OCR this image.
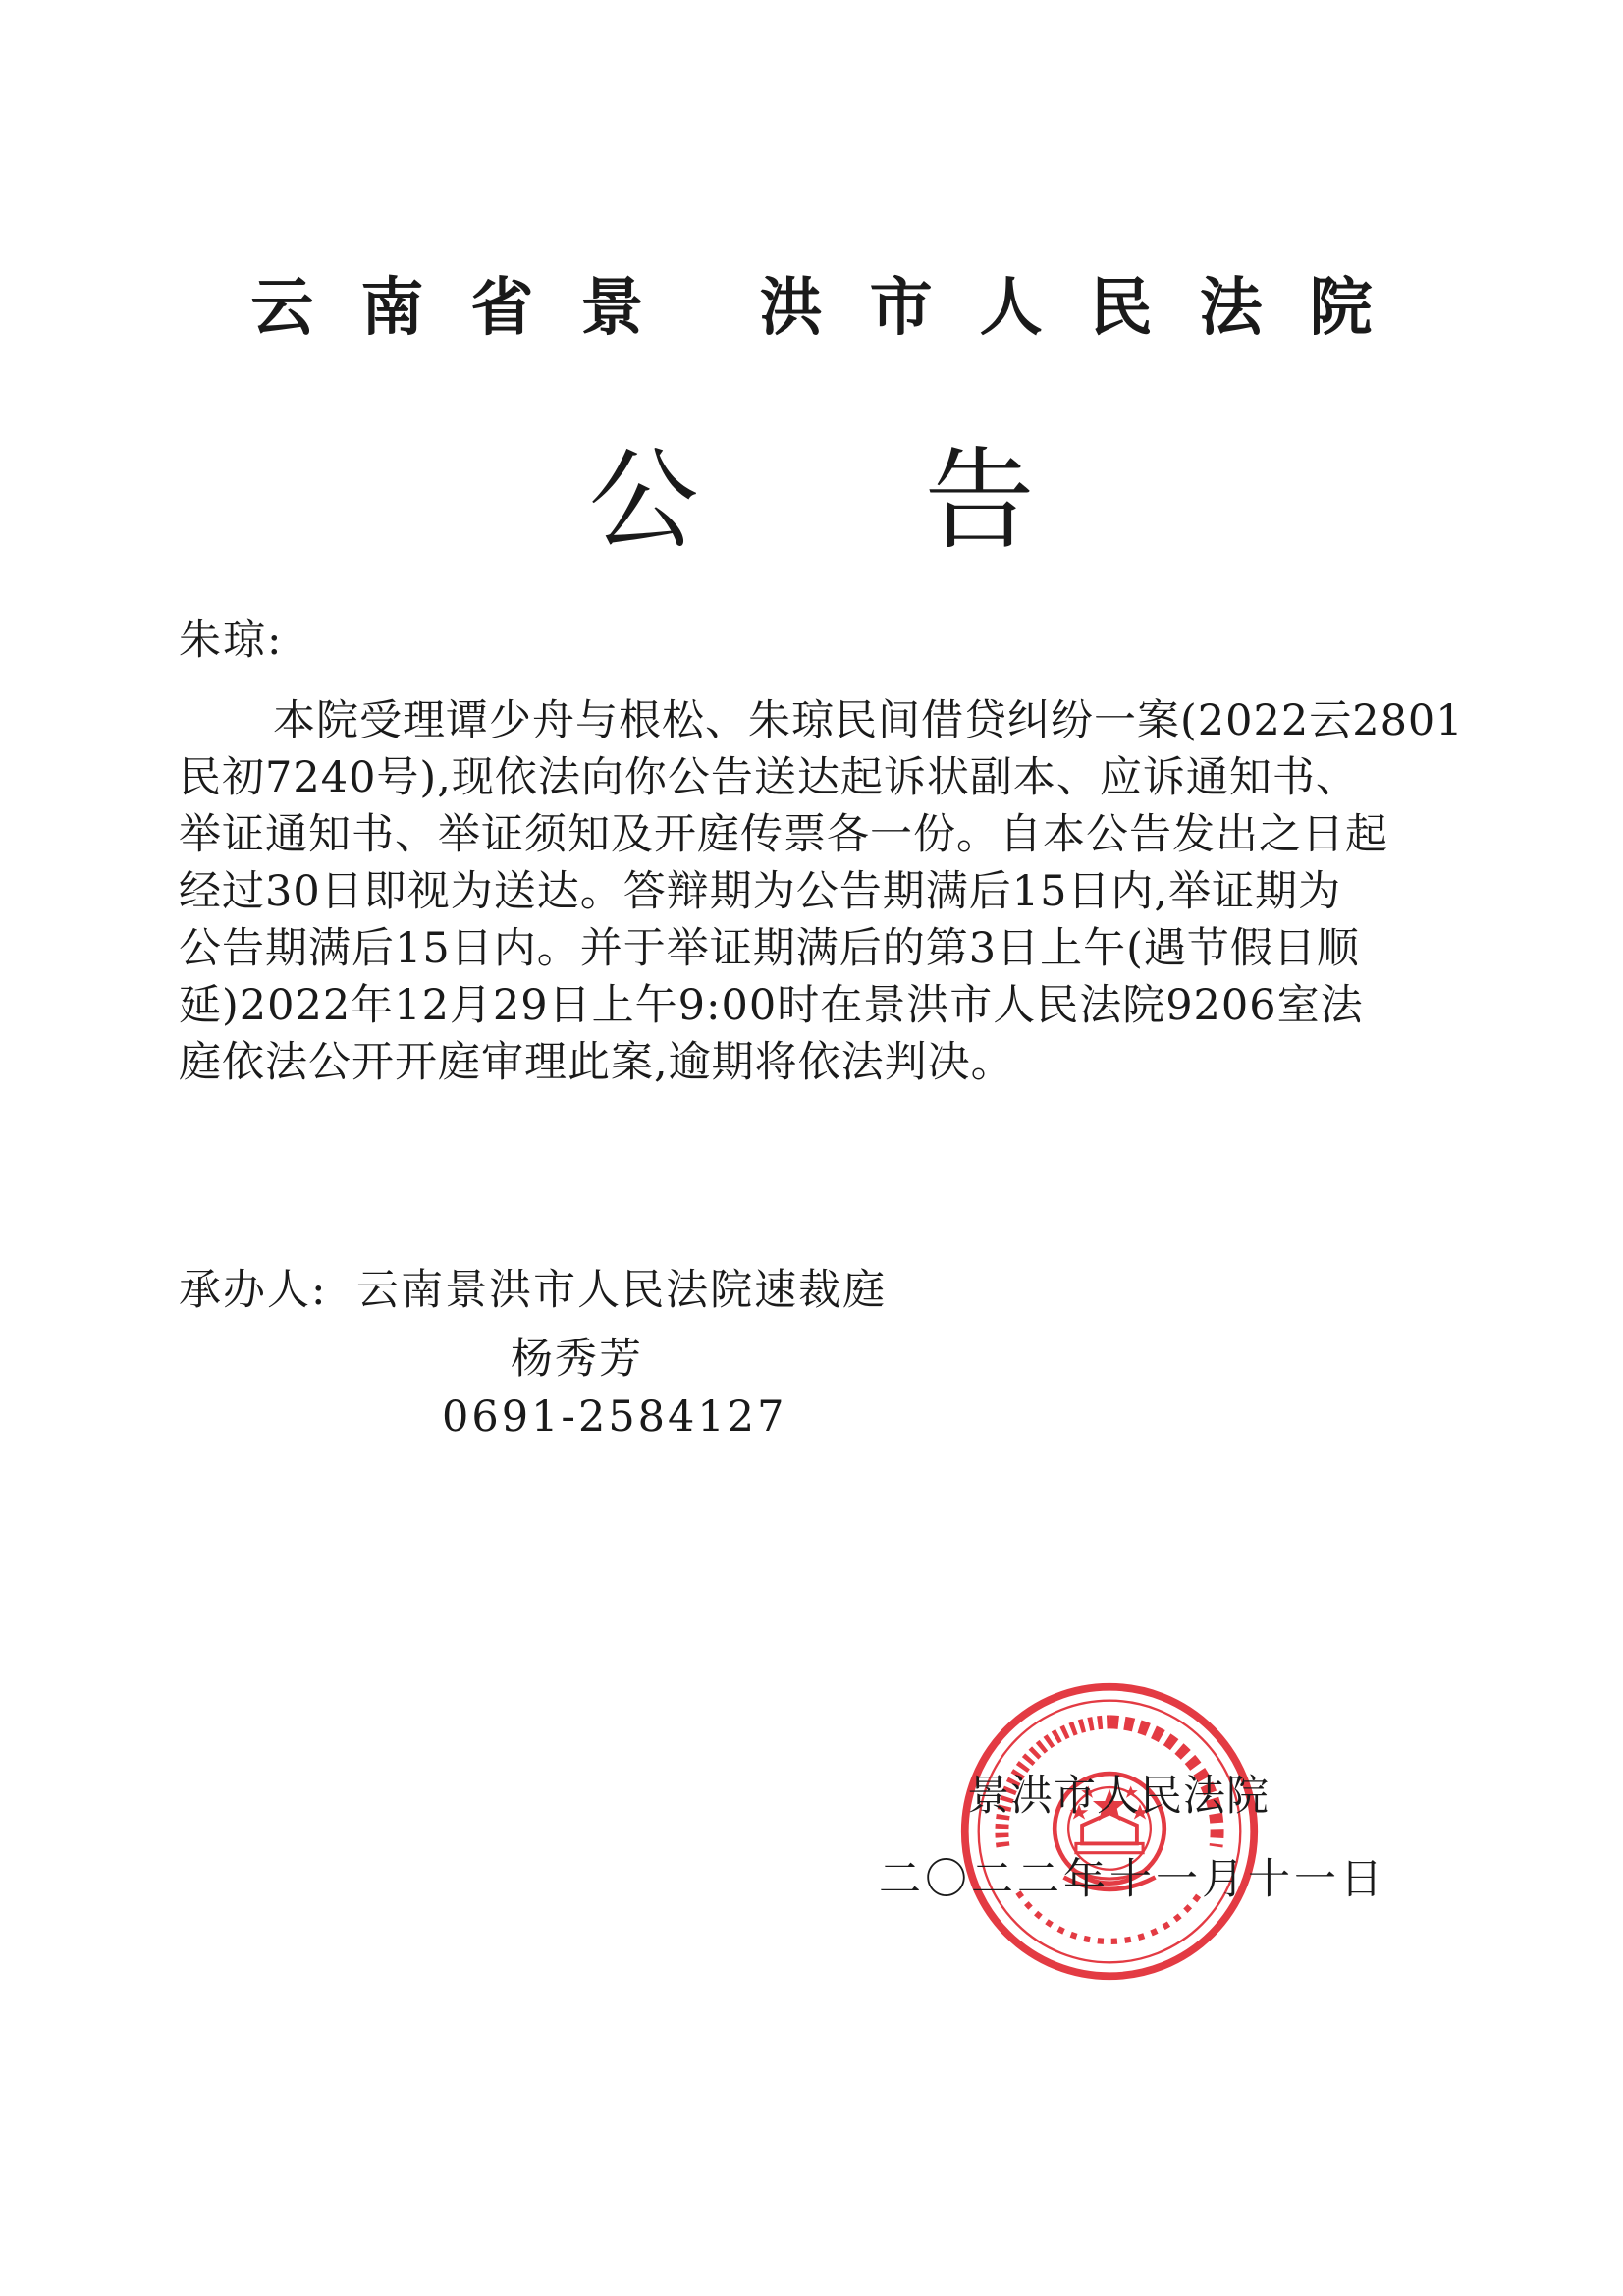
云南省景 洪市人民法院
公告
朱琼:
本院受理谭少舟与根松、朱琼民间借贷纠纷一案(2022云2801
民初7240号),现依法向你公告送达起诉状副本、应诉通知书、
举证通知书、举证须知及开庭传票各一份。自本公告发出之日起
经过30日即视为送达。答辩期为公告期满后15日内,举证期为
公告期满后15日内。并于举证期满后的第3日上午(遇节假日顺
延)2022年12月29日上午9:00时在景洪市人民法院9206室法
庭依法公开开庭审理此案,逾期将依法判决。
承办人: 云南景洪市人民法院速裁庭
杨秀芳
0691-2584127
景洪市人民法院
二〇二二年十一月十一日
